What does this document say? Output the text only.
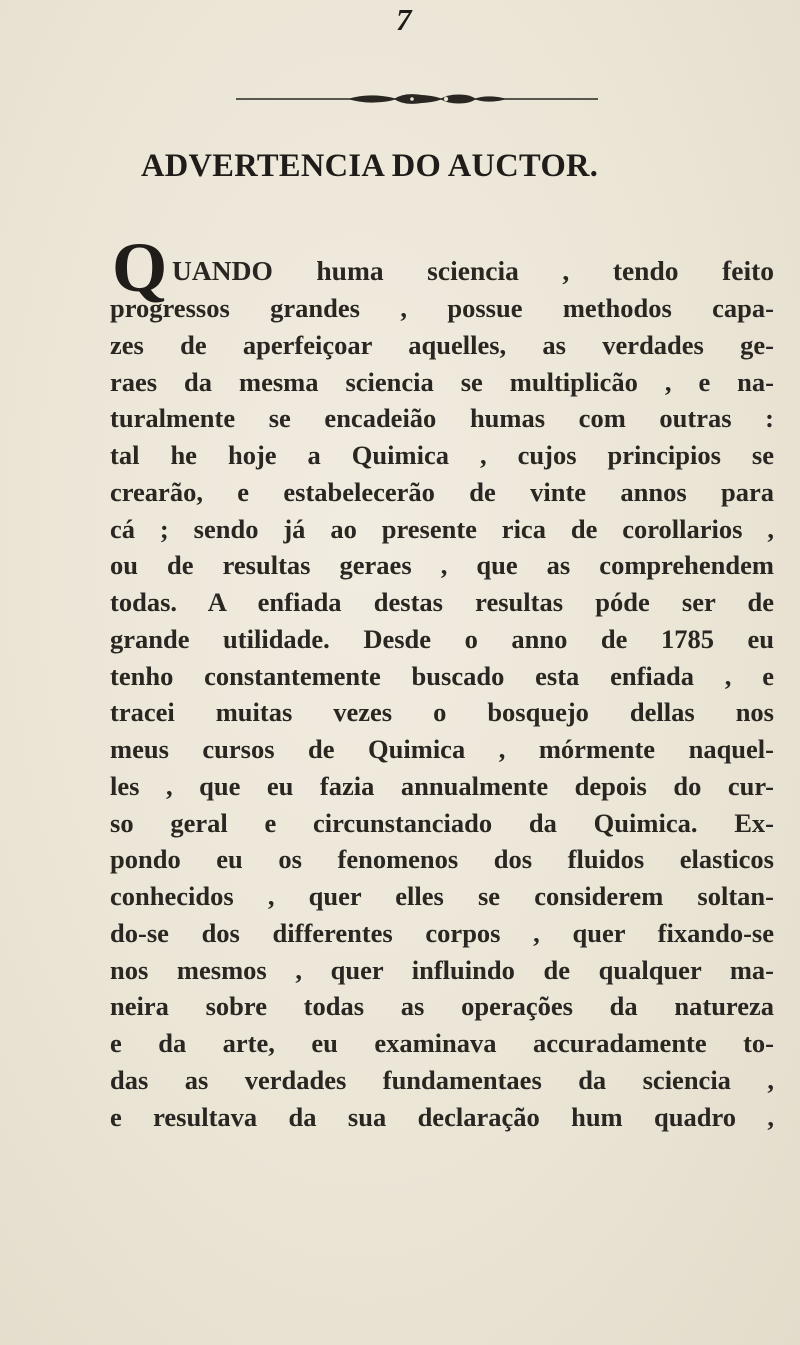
7
ADVERTENCIA DO AUCTOR.
Q UANDO huma sciencia , tendo feito
progressos grandes , possue methodos capa-
zes de aperfeiçoar aquelles, as verdades ge-
raes da mesma sciencia se multiplicão , e na-
turalmente se encadeião humas com outras :
tal he hoje a Quimica , cujos principios se
crearão, e estabelecerão de vinte annos para
cá ; sendo já ao presente rica de corollarios ,
ou de resultas geraes , que as comprehendem
todas. A enfiada destas resultas póde ser de
grande utilidade. Desde o anno de 1785 eu
tenho constantemente buscado esta enfiada , e
tracei muitas vezes o bosquejo dellas nos
meus cursos de Quimica , mórmente naquel-
les , que eu fazia annualmente depois do cur-
so geral e circunstanciado da Quimica. Ex-
pondo eu os fenomenos dos fluidos elasticos
conhecidos , quer elles se considerem soltan-
do-se dos differentes corpos , quer fixando-se
nos mesmos , quer influindo de qualquer ma-
neira sobre todas as operações da natureza
e da arte, eu examinava accuradamente to-
das as verdades fundamentaes da sciencia ,
e resultava da sua declaração hum quadro ,
